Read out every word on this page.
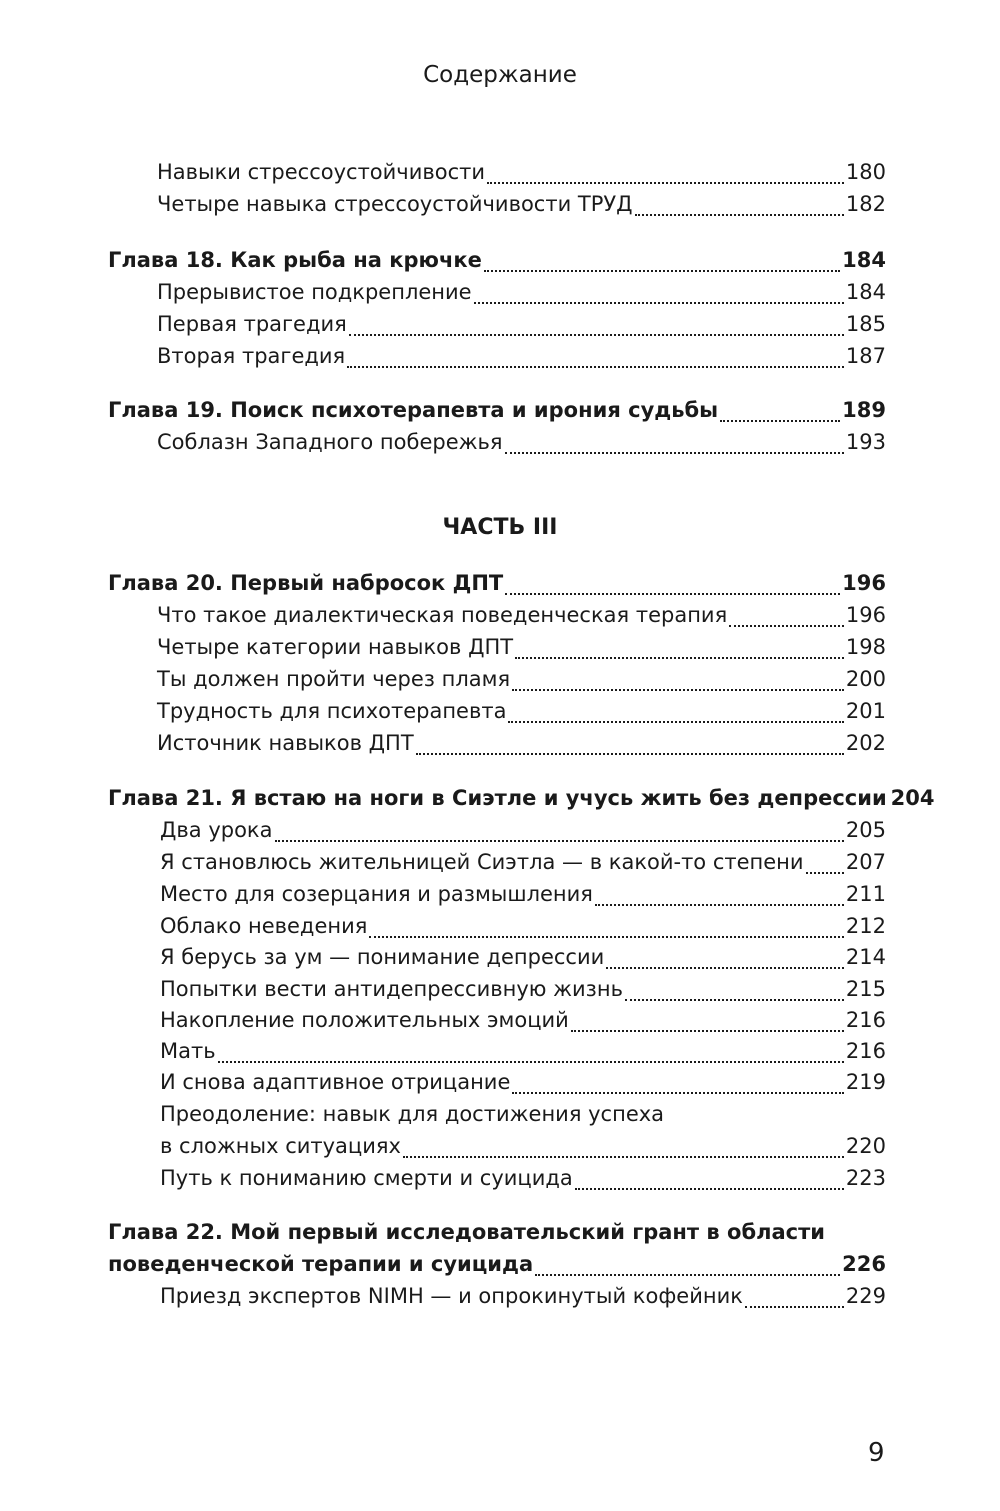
Содержание
Навыки стрессоустойчивости	180
Четыре навыка стрессоустойчивости ТРУД	182
Глава 18. Как рыба на крючке	184
Прерывистое подкрепление	184
Первая трагедия	185
Вторая трагедия	187
Глава 19. Поиск психотерапевта и ирония судьбы	189
Соблазн Западного побережья	193
ЧАСТЬ III
Глава 20. Первый набросок ДПТ	196
Что такое диалектическая поведенческая терапия	196
Четыре категории навыков ДПТ	198
Ты должен пройти через пламя	200
Трудность для психотерапевта	201
Источник навыков ДПТ	202
Глава 21. Я встаю на ноги в Сиэтле и учусь жить без депрессии 204
Два урока	205
Я становлюсь жительницей Сиэтла — в какой-то степени 207
Место для созерцания и размышления	211
Облако неведения	212
Я берусь за ум — понимание депрессии	214
Попытки вести антидепрессивную жизнь	215
Накопление положительных эмоций	216
Мать	216
И снова адаптивное отрицание	219
Преодоление: навык для достижения успеха
в сложных ситуациях	220
Путь к пониманию смерти и суицида	223
Глава 22. Мой первый исследовательский грант в области
поведенческой терапии и суицида	226
Приезд экспертов NIMH — и опрокинутый кофейник	229
9
